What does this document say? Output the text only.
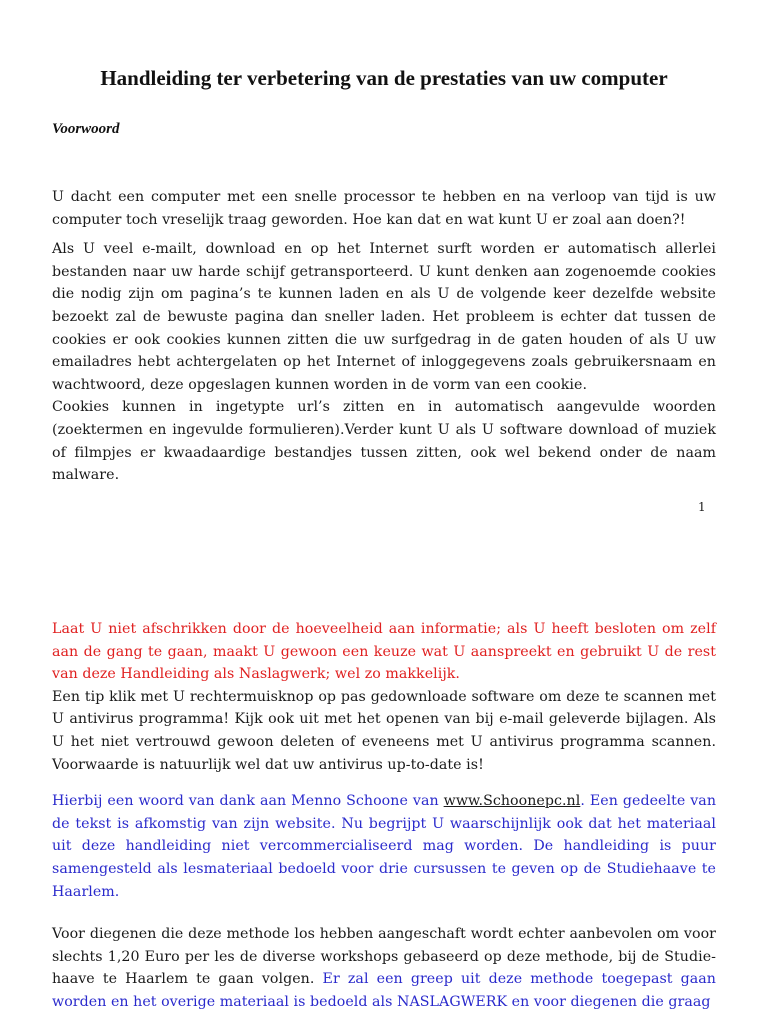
Handleiding ter verbetering van de prestaties van uw computer
Voorwoord

U dacht een computer met een snelle processor te hebben en na verloop van tijd is uw computer toch vreselijk traag geworden. Hoe kan dat en wat kunt U er zoal aan doen?!

Als U veel e-mailt, download en op het Internet surft worden er automatisch allerlei bestanden naar uw harde schijf getransporteerd. U kunt denken aan zogenoemde cookies die nodig zijn om pagina’s te kunnen laden en als U de volgende keer dezelfde website bezoekt zal de bewuste pagina dan sneller laden. Het probleem is echter dat tussen de cookies er ook cookies kunnen zitten die uw surfgedrag in de gaten houden of als U uw emailadres hebt achtergelaten op het Internet of inloggegevens zoals gebruikersnaam en wachtwoord, deze opgeslagen kunnen worden in de vorm van een cookie.

Cookies kunnen in ingetypte url’s zitten en in automatisch aangevulde woorden (zoektermen en ingevulde formulieren).Verder kunt U als U software download of muziek of filmpjes er kwaadaardige bestandjes tussen zitten, ook wel bekend onder de naam malware.

1

Laat U niet afschrikken door de hoeveelheid aan informatie; als U heeft besloten om zelf aan de gang te gaan, maakt U gewoon een keuze wat U aanspreekt en gebruikt U de rest van deze Handleiding als Naslagwerk; wel zo makkelijk.
Een tip klik met U rechtermuisknop op pas gedownloade software om deze te scannen met U antivirus programma! Kijk ook uit met het openen van bij e-mail geleverde bijlagen. Als U het niet vertrouwd gewoon deleten of eveneens met U antivirus programma scannen. Voorwaarde is natuurlijk wel dat uw antivirus up-to-date is!

Hierbij een woord van dank aan Menno Schoone van www.Schoonepc.nl. Een gedeelte van de tekst is afkomstig van zijn website. Nu begrijpt U waarschijnlijk ook dat het materiaal uit deze handleiding niet vercommercialiseerd mag worden. De handleiding is puur samengesteld als lesmateriaal bedoeld voor drie cursussen te geven op de Studiehaave te Haarlem.

Voor diegenen die deze methode los hebben aangeschaft wordt echter aanbevolen om voor slechts 1,20 Euro per les de diverse workshops gebaseerd op deze methode, bij de Studie-haave te Haarlem te gaan volgen. Er zal een greep uit deze methode toegepast gaan worden en het overige materiaal is bedoeld als NASLAGWERK en voor diegenen die graag
